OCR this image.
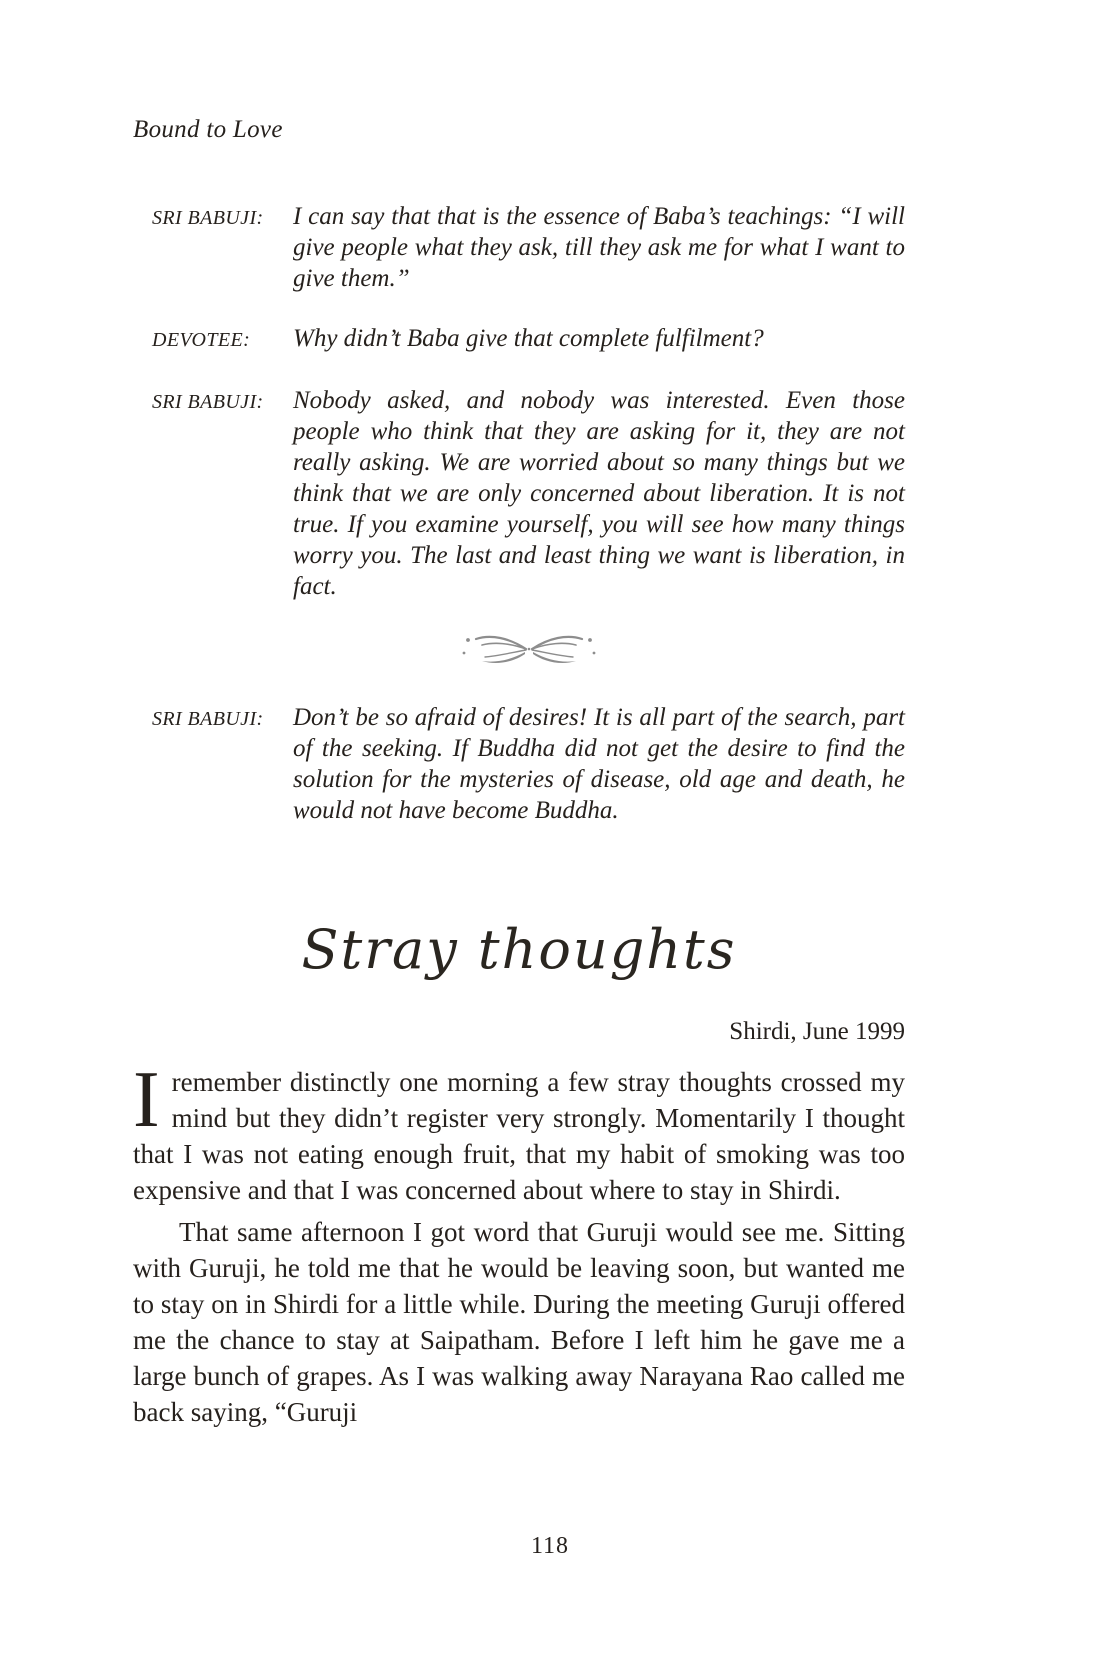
Bound to Love
SRI BABUJI:	I can say that that is the essence of Baba’s teachings: “I will give people what they ask, till they ask me for what I want to give them.”
DEVOTEE:	Why didn’t Baba give that complete fulfilment?
SRI BABUJI:	Nobody asked, and nobody was interested. Even those people who think that they are asking for it, they are not really asking. We are worried about so many things but we think that we are only concerned about liberation. It is not true. If you examine yourself, you will see how many things worry you. The last and least thing we want is liberation, in fact.
SRI BABUJI:	Don’t be so afraid of desires! It is all part of the search, part of the seeking. If Buddha did not get the desire to find the solution for the mysteries of disease, old age and death, he would not have become Buddha.
Stray thoughts
Shirdi, June 1999

Iremember distinctly one morning a few stray thoughts crossed my mind but they didn’t register very strongly. Momentarily I thought that I was not eating enough fruit, that my habit of smoking was too expensive and that I was concerned about where to stay in Shirdi.

That same afternoon I got word that Guruji would see me. Sitting with Guruji, he told me that he would be leaving soon, but wanted me to stay on in Shirdi for a little while. During the meeting Guruji offered me the chance to stay at Saipatham. Before I left him he gave me a large bunch of grapes. As I was walking away Narayana Rao called me back saying, “Guruji

118
